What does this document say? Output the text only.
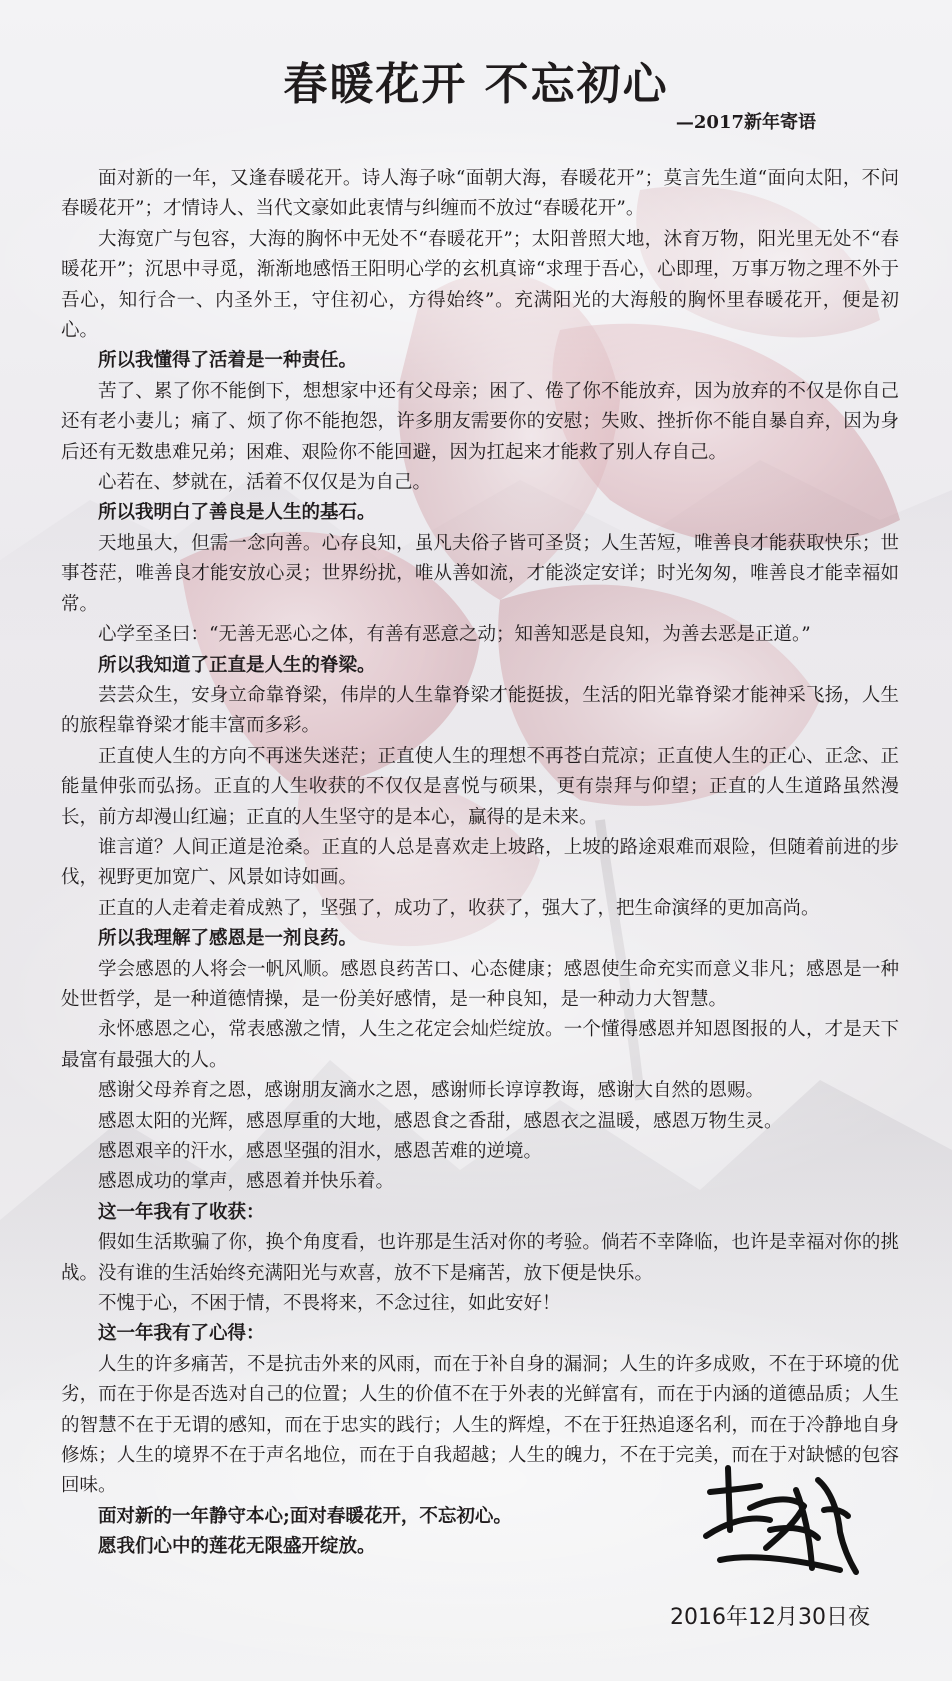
春暖花开 不忘初心

—2017新年寄语

面对新的一年，又逢春暖花开。诗人海子咏“面朝大海，春暖花开”；莫言先生道“面向太阳，不问春暖花开”；才情诗人、当代文豪如此衷情与纠缠而不放过“春暖花开”。

大海宽广与包容，大海的胸怀中无处不“春暖花开”；太阳普照大地，沐育万物，阳光里无处不“春暖花开”；沉思中寻觅，渐渐地感悟王阳明心学的玄机真谛“求理于吾心，心即理，万事万物之理不外于吾心，知行合一、内圣外王，守住初心，方得始终”。充满阳光的大海般的胸怀里春暖花开，便是初心。

所以我懂得了活着是一种责任。

苦了、累了你不能倒下，想想家中还有父母亲；困了、倦了你不能放弃，因为放弃的不仅是你自己还有老小妻儿；痛了、烦了你不能抱怨，许多朋友需要你的安慰；失败、挫折你不能自暴自弃，因为身后还有无数患难兄弟；困难、艰险你不能回避，因为扛起来才能救了别人存自己。

心若在、梦就在，活着不仅仅是为自己。

所以我明白了善良是人生的基石。

天地虽大，但需一念向善。心存良知，虽凡夫俗子皆可圣贤；人生苦短，唯善良才能获取快乐；世事苍茫，唯善良才能安放心灵；世界纷扰，唯从善如流，才能淡定安详；时光匆匆，唯善良才能幸福如常。

心学至圣曰：“无善无恶心之体，有善有恶意之动；知善知恶是良知，为善去恶是正道。”

所以我知道了正直是人生的脊梁。

芸芸众生，安身立命靠脊梁，伟岸的人生靠脊梁才能挺拔，生活的阳光靠脊梁才能神采飞扬，人生的旅程靠脊梁才能丰富而多彩。

正直使人生的方向不再迷失迷茫；正直使人生的理想不再苍白荒凉；正直使人生的正心、正念、正能量伸张而弘扬。正直的人生收获的不仅仅是喜悦与硕果，更有崇拜与仰望；正直的人生道路虽然漫长，前方却漫山红遍；正直的人生坚守的是本心，赢得的是未来。

谁言道？人间正道是沧桑。正直的人总是喜欢走上坡路，上坡的路途艰难而艰险，但随着前进的步伐，视野更加宽广、风景如诗如画。

正直的人走着走着成熟了，坚强了，成功了，收获了，强大了，把生命演绎的更加高尚。

所以我理解了感恩是一剂良药。

学会感恩的人将会一帆风顺。感恩良药苦口、心态健康；感恩使生命充实而意义非凡；感恩是一种处世哲学，是一种道德情操，是一份美好感情，是一种良知，是一种动力大智慧。

永怀感恩之心，常表感激之情，人生之花定会灿烂绽放。一个懂得感恩并知恩图报的人，才是天下最富有最强大的人。

感谢父母养育之恩，感谢朋友滴水之恩，感谢师长谆谆教诲，感谢大自然的恩赐。

感恩太阳的光辉，感恩厚重的大地，感恩食之香甜，感恩衣之温暖，感恩万物生灵。

感恩艰辛的汗水，感恩坚强的泪水，感恩苦难的逆境。

感恩成功的掌声，感恩着并快乐着。

这一年我有了收获：

假如生活欺骗了你，换个角度看，也许那是生活对你的考验。倘若不幸降临，也许是幸福对你的挑战。没有谁的生活始终充满阳光与欢喜，放不下是痛苦，放下便是快乐。

不愧于心，不困于情，不畏将来，不念过往，如此安好！

这一年我有了心得：

人生的许多痛苦，不是抗击外来的风雨，而在于补自身的漏洞；人生的许多成败，不在于环境的优劣，而在于你是否选对自己的位置；人生的价值不在于外表的光鲜富有，而在于内涵的道德品质；人生的智慧不在于无谓的感知，而在于忠实的践行；人生的辉煌，不在于狂热追逐名利，而在于冷静地自身修炼；人生的境界不在于声名地位，而在于自我超越；人生的魄力，不在于完美，而在于对缺憾的包容回味。

面对新的一年静守本心;面对春暖花开，不忘初心。

愿我们心中的莲花无限盛开绽放。

2016年12月30日夜
